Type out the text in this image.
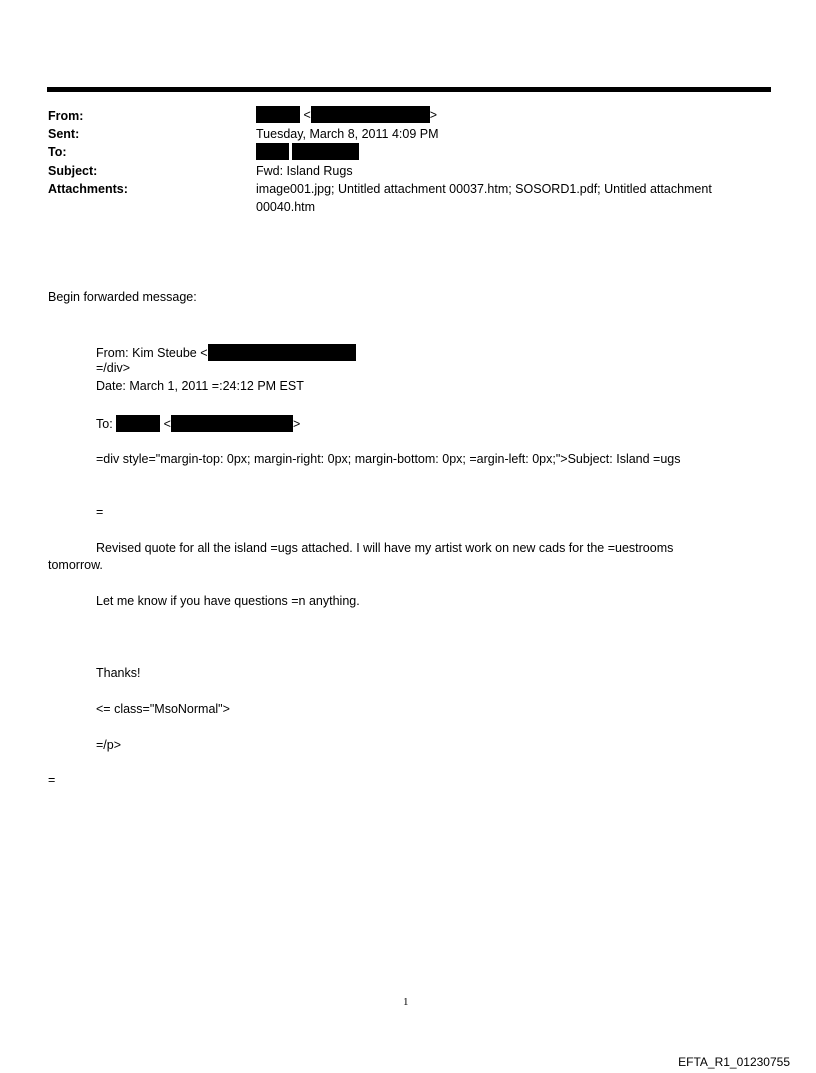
From:	<	>
Sent:	Tuesday, March 8, 2011 4:09 PM
To:

Subject:	Fwd: Island Rugs
Attachments:	image001.jpg; Untitled attachment 00037.htm; SOSORD1.pdf; Untitled attachment 00040.htm
Begin forwarded message:
From: Kim Steube <
=/div>
Date: March 1, 2011 =:24:12 PM EST
To:	<	>
=div style="margin-top: 0px; margin-right: 0px; margin-bottom: 0px; =argin-left: 0px;">Subject: Island =ugs
=
Revised quote for all the island =ugs attached. I will have my artist work on new cads for the =uestrooms
tomorrow.
Let me know if you have questions =n anything.
Thanks!
<= class="MsoNormal">
=/p>
=
1
EFTA_R1_01230755
